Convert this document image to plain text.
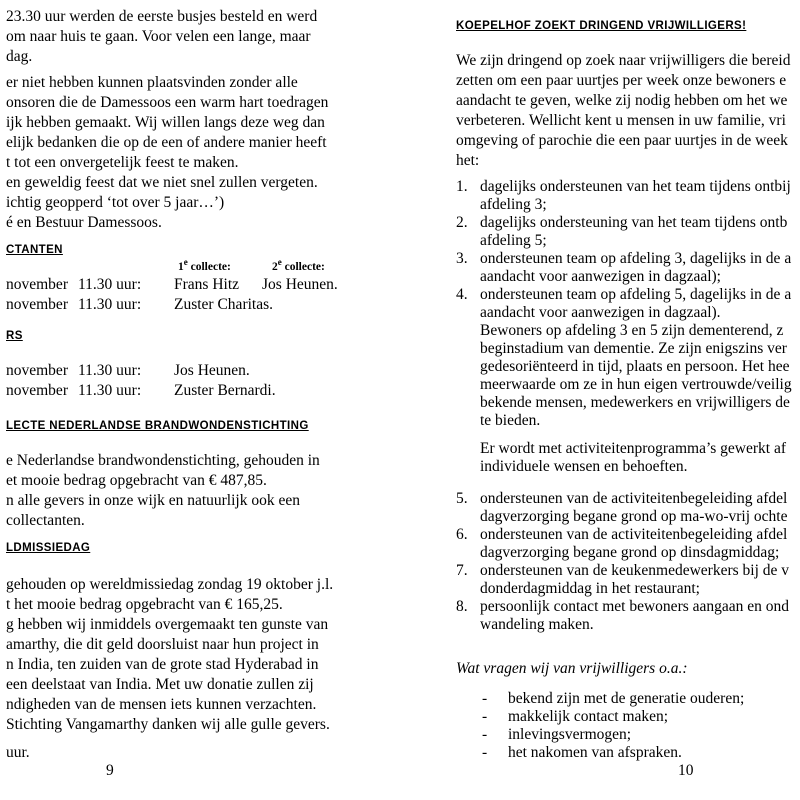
23.30 uur werden de eerste busjes besteld en werd
om naar huis te gaan. Voor velen een lange, maar
dag.
er niet hebben kunnen plaatsvinden zonder alle
onsoren die de Damessoos een warm hart toedragen
ijk hebben gemaakt. Wij willen langs deze weg dan
elijk bedanken die op de een of andere manier heeft
t tot een onvergetelijk feest te maken.
en geweldig feest dat we niet snel zullen vergeten.
ichtig geopperd ‘tot over 5 jaar…’)
é en Bestuur Damessoos.
CTANTEN
1e collecte:	2e collecte:
november 11.30 uur: Frans Hitz Jos Heunen.
november 11.30 uur: Zuster Charitas.
RS
november 11.30 uur: Jos Heunen.
november 11.30 uur: Zuster Bernardi.
LECTE NEDERLANDSE BRANDWONDENSTICHTING
e Nederlandse brandwondenstichting, gehouden in
et mooie bedrag opgebracht van € 487,85.
n alle gevers in onze wijk en natuurlijk ook een
collectanten.
LDMISSIEDAG
gehouden op wereldmissiedag zondag 19 oktober j.l.
t het mooie bedrag opgebracht van € 165,25.
g hebben wij inmiddels overgemaakt ten gunste van
amarthy, die dit geld doorsluist naar hun project in
n India, ten zuiden van de grote stad Hyderabad in
een deelstaat van India. Met uw donatie zullen zij
ndigheden van de mensen iets kunnen verzachten.
Stichting Vangamarthy danken wij alle gulle gevers.
uur.
9
KOEPELHOF ZOEKT DRINGEND VRIJWILLIGERS!
We zijn dringend op zoek naar vrijwilligers die bereid
zetten om een paar uurtjes per week onze bewoners e
aandacht te geven, welke zij nodig hebben om het we
verbeteren. Wellicht kent u mensen in uw familie, vri
omgeving of parochie die een paar uurtjes in de week
het:
1. dagelijks ondersteunen van het team tijdens ontbij
afdeling 3;
2. dagelijks ondersteuning van het team tijdens ontb
afdeling 5;
3. ondersteunen team op afdeling 3, dagelijks in de a
aandacht voor aanwezigen in dagzaal);
4. ondersteunen team op afdeling 5, dagelijks in de a
aandacht voor aanwezigen in dagzaal).
Bewoners op afdeling 3 en 5 zijn dementerend, z
beginstadium van dementie. Ze zijn enigszins ver
gedesoriënteerd in tijd, plaats en persoon. Het hee
meerwaarde om ze in hun eigen vertrouwde/veilig
bekende mensen, medewerkers en vrijwilligers de
te bieden.
Er wordt met activiteitenprogramma’s gewerkt af
individuele wensen en behoeften.
5. ondersteunen van de activiteitenbegeleiding afdel
dagverzorging begane grond op ma-wo-vrij ochte
6. ondersteunen van de activiteitenbegeleiding afdel
dagverzorging begane grond op dinsdagmiddag;
7. ondersteunen van de keukenmedewerkers bij de v
donderdagmiddag in het restaurant;
8. persoonlijk contact met bewoners aangaan en ond
wandeling maken.
Wat vragen wij van vrijwilligers o.a.:
- bekend zijn met de generatie ouderen;
- makkelijk contact maken;
- inlevingsvermogen;
- het nakomen van afspraken.
10
